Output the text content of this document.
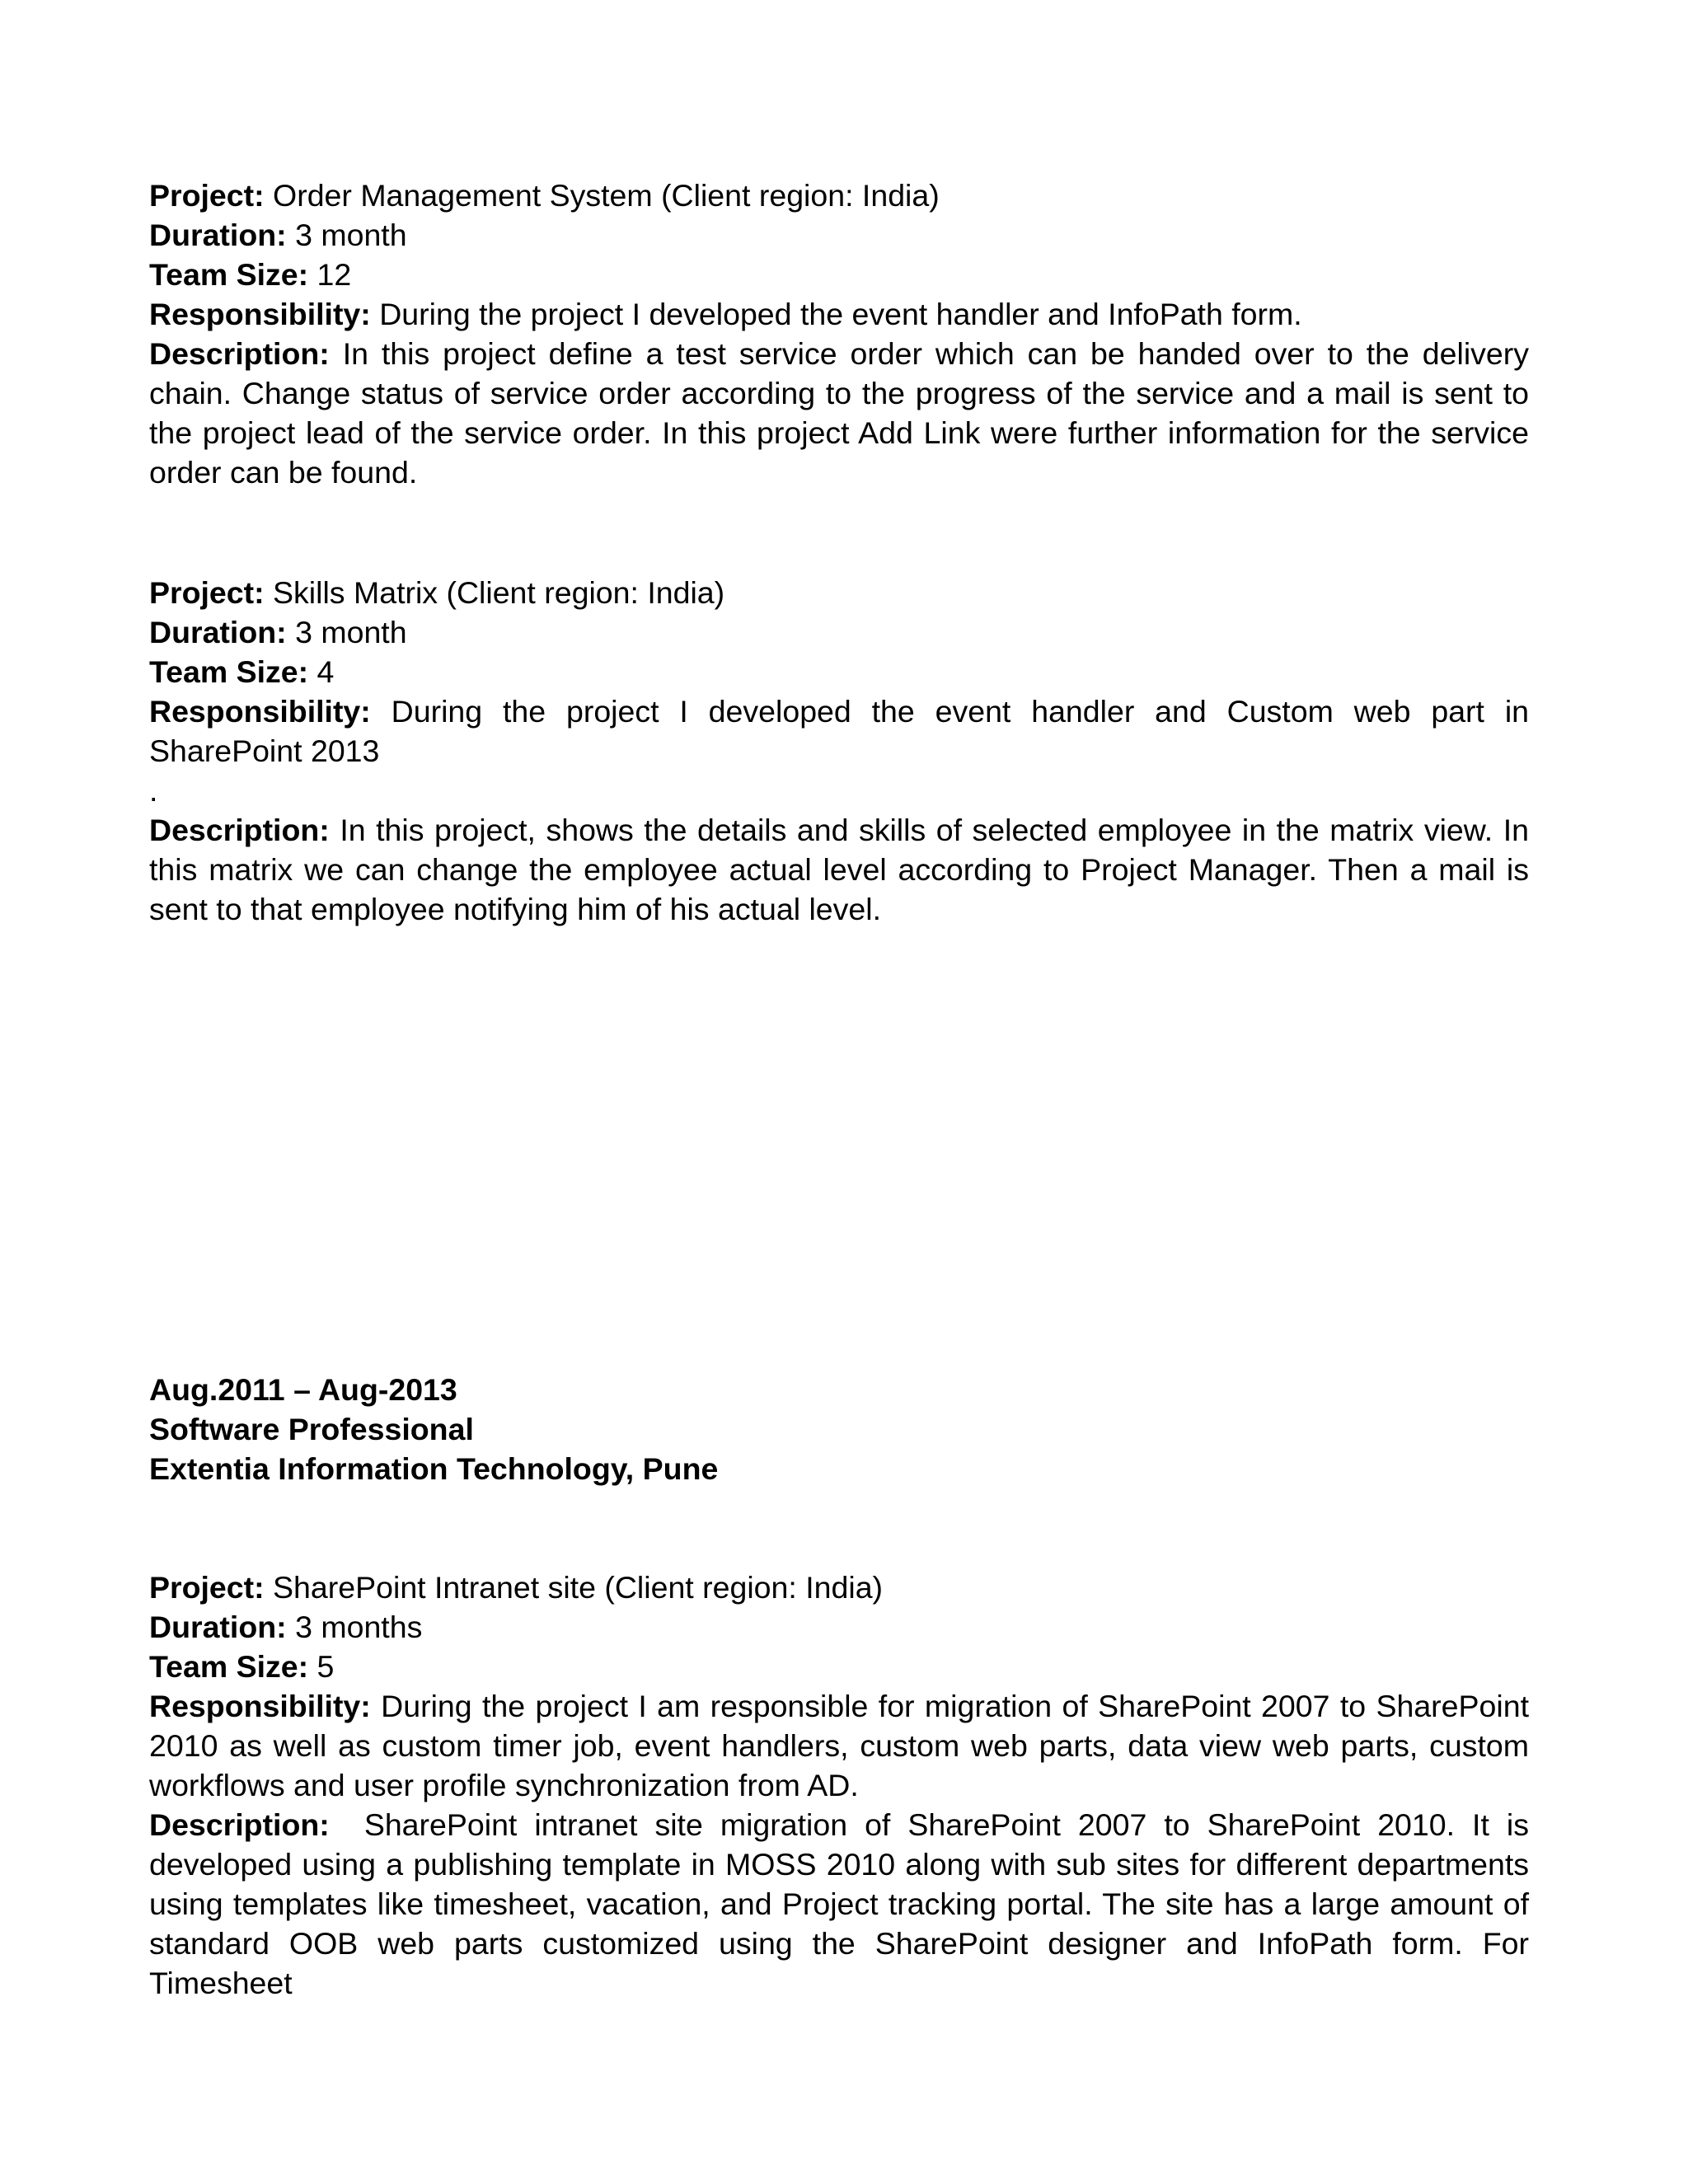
Project: Order Management System (Client region: India)
Duration: 3 month
Team Size: 12
Responsibility: During the project I developed the event handler and InfoPath form.
Description: In this project define a test service order which can be handed over to the delivery chain. Change status of service order according to the progress of the service and a mail is sent to the project lead of the service order. In this project Add Link were further information for the service order can be found.
Project: Skills Matrix (Client region: India)
Duration: 3 month
Team Size: 4
Responsibility: During the project I developed the event handler and Custom web part in SharePoint 2013
.
Description: In this project, shows the details and skills of selected employee in the matrix view. In this matrix we can change the employee actual level according to Project Manager. Then a mail is sent to that employee notifying him of his actual level.
Aug.2011 – Aug-2013
Software Professional
Extentia Information Technology, Pune
Project: SharePoint Intranet site (Client region: India)
Duration: 3 months
Team Size: 5
Responsibility: During the project I am responsible for migration of SharePoint 2007 to SharePoint 2010 as well as custom timer job, event handlers, custom web parts, data view web parts, custom workflows and user profile synchronization from AD.
Description: SharePoint intranet site migration of SharePoint 2007 to SharePoint 2010. It is developed using a publishing template in MOSS 2010 along with sub sites for different departments using templates like timesheet, vacation, and Project tracking portal. The site has a large amount of standard OOB web parts customized using the SharePoint designer and InfoPath form. For Timesheet
